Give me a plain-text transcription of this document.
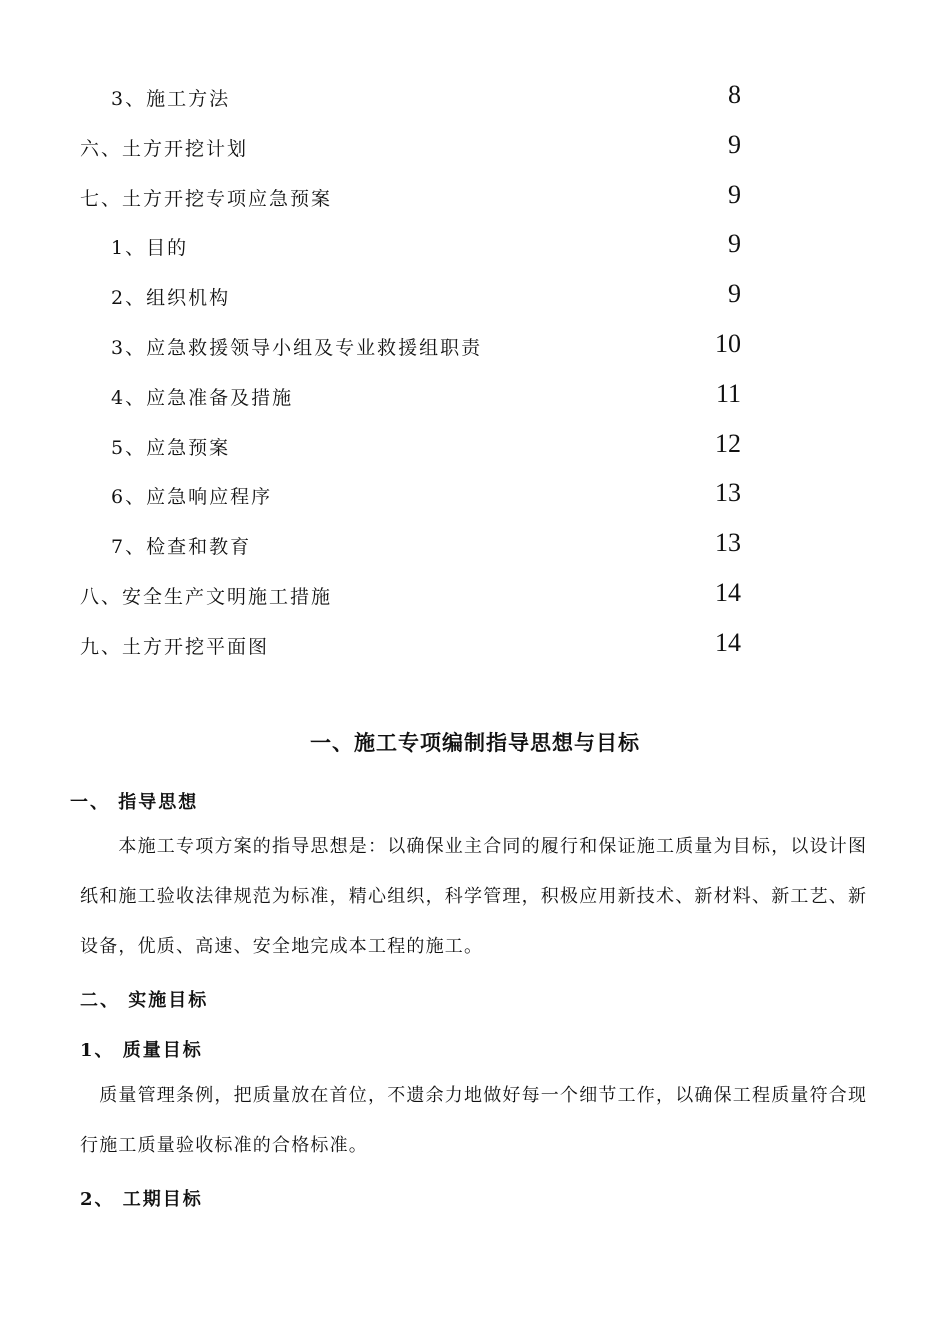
3、施工方法	8
六、土方开挖计划	9
七、土方开挖专项应急预案	9
1、目的	9
2、组织机构	9
3、应急救援领导小组及专业救援组职责	10
4、应急准备及措施	11
5、应急预案	12
6、应急响应程序	13
7、检查和教育	13
八、安全生产文明施工措施	14
九、土方开挖平面图	14
一、施工专项编制指导思想与目标
一、 指导思想

　　本施工专项方案的指导思想是：以确保业主合同的履行和保证施工质量为目标，以设计图纸和施工验收法律规范为标准，精心组织，科学管理，积极应用新技术、新材料、新工艺、新设备，优质、高速、安全地完成本工程的施工。

二、 实施目标
1、 质量目标

　质量管理条例，把质量放在首位，不遗余力地做好每一个细节工作，以确保工程质量符合现行施工质量验收标准的合格标准。

2、 工期目标
